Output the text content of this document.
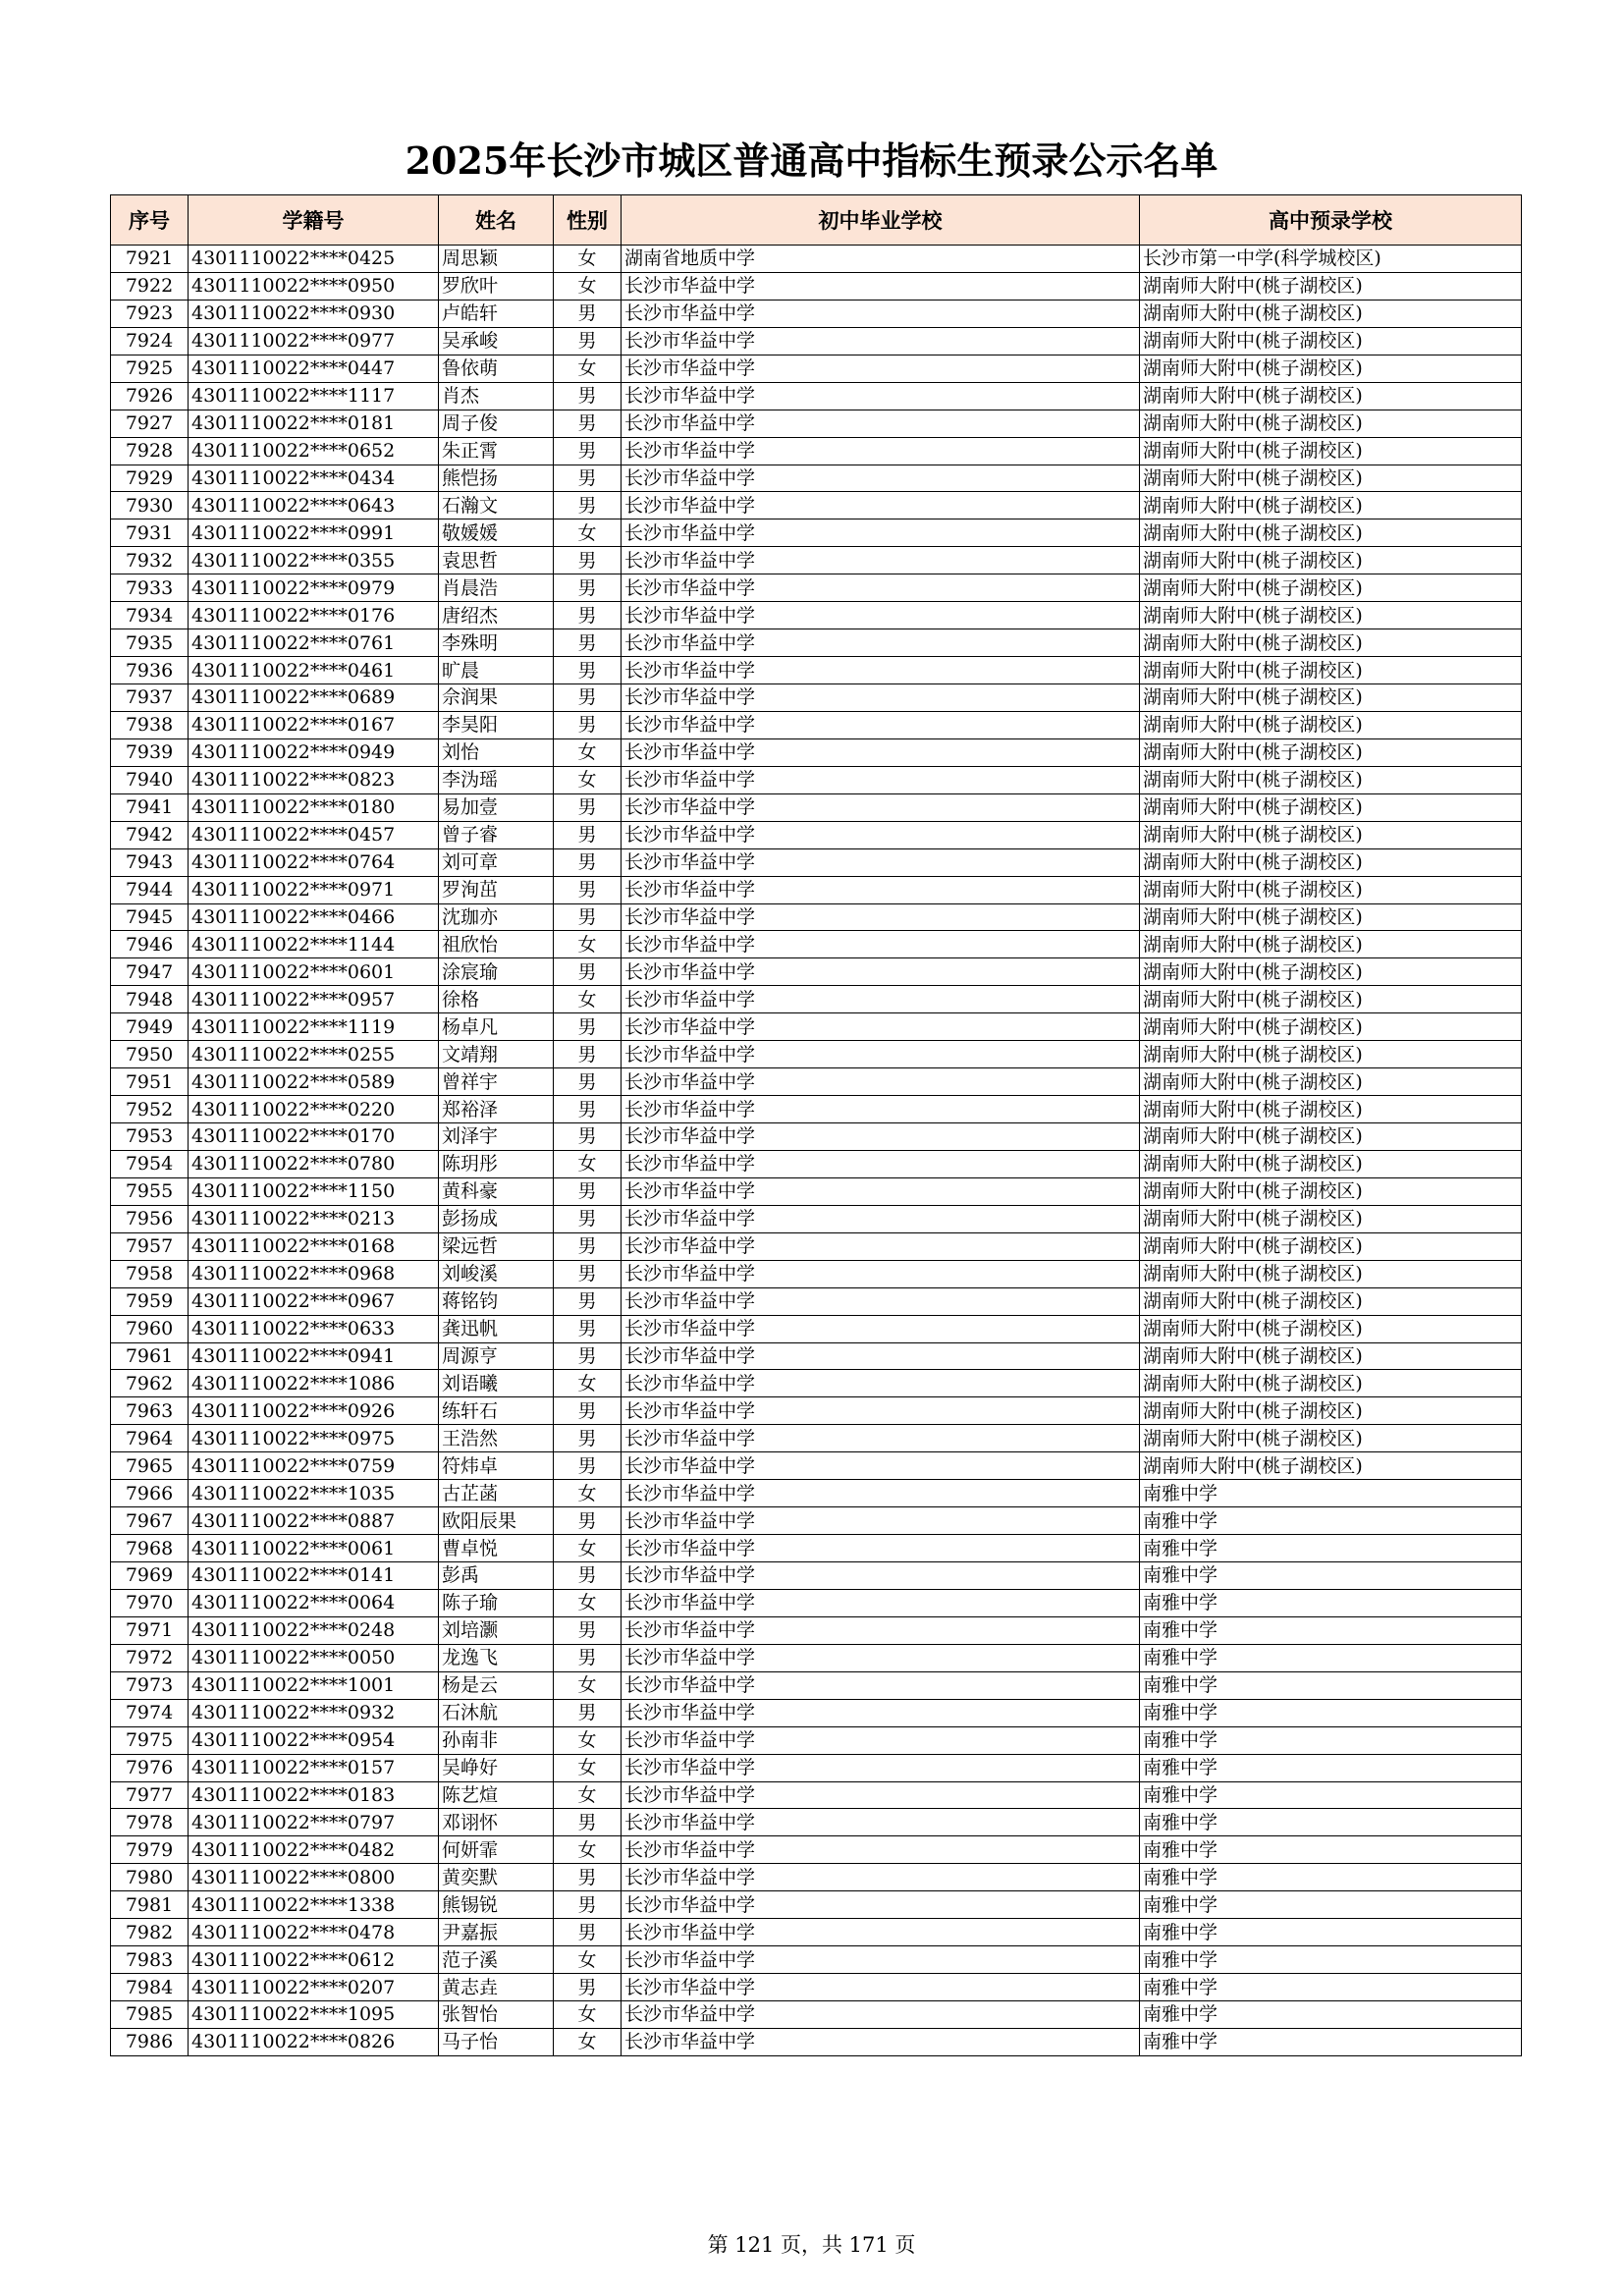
2025年长沙市城区普通高中指标生预录公示名单
序号	学籍号	姓名	性别	初中毕业学校	高中预录学校
7921	4301110022****0425	周思颖	女	湖南省地质中学	长沙市第一中学(科学城校区)
7922	4301110022****0950	罗欣叶	女	长沙市华益中学	湖南师大附中(桃子湖校区)
7923	4301110022****0930	卢皓轩	男	长沙市华益中学	湖南师大附中(桃子湖校区)
7924	4301110022****0977	吴承峻	男	长沙市华益中学	湖南师大附中(桃子湖校区)
7925	4301110022****0447	鲁依萌	女	长沙市华益中学	湖南师大附中(桃子湖校区)
7926	4301110022****1117	肖杰	男	长沙市华益中学	湖南师大附中(桃子湖校区)
7927	4301110022****0181	周子俊	男	长沙市华益中学	湖南师大附中(桃子湖校区)
7928	4301110022****0652	朱正霄	男	长沙市华益中学	湖南师大附中(桃子湖校区)
7929	4301110022****0434	熊恺扬	男	长沙市华益中学	湖南师大附中(桃子湖校区)
7930	4301110022****0643	石瀚文	男	长沙市华益中学	湖南师大附中(桃子湖校区)
7931	4301110022****0991	敬媛媛	女	长沙市华益中学	湖南师大附中(桃子湖校区)
7932	4301110022****0355	袁思哲	男	长沙市华益中学	湖南师大附中(桃子湖校区)
7933	4301110022****0979	肖晨浩	男	长沙市华益中学	湖南师大附中(桃子湖校区)
7934	4301110022****0176	唐绍杰	男	长沙市华益中学	湖南师大附中(桃子湖校区)
7935	4301110022****0761	李殊明	男	长沙市华益中学	湖南师大附中(桃子湖校区)
7936	4301110022****0461	旷晨	男	长沙市华益中学	湖南师大附中(桃子湖校区)
7937	4301110022****0689	佘润果	男	长沙市华益中学	湖南师大附中(桃子湖校区)
7938	4301110022****0167	李昊阳	男	长沙市华益中学	湖南师大附中(桃子湖校区)
7939	4301110022****0949	刘怡	女	长沙市华益中学	湖南师大附中(桃子湖校区)
7940	4301110022****0823	李沩瑶	女	长沙市华益中学	湖南师大附中(桃子湖校区)
7941	4301110022****0180	易加壹	男	长沙市华益中学	湖南师大附中(桃子湖校区)
7942	4301110022****0457	曾子睿	男	长沙市华益中学	湖南师大附中(桃子湖校区)
7943	4301110022****0764	刘可章	男	长沙市华益中学	湖南师大附中(桃子湖校区)
7944	4301110022****0971	罗洵茁	男	长沙市华益中学	湖南师大附中(桃子湖校区)
7945	4301110022****0466	沈珈亦	男	长沙市华益中学	湖南师大附中(桃子湖校区)
7946	4301110022****1144	祖欣怡	女	长沙市华益中学	湖南师大附中(桃子湖校区)
7947	4301110022****0601	涂宸瑜	男	长沙市华益中学	湖南师大附中(桃子湖校区)
7948	4301110022****0957	徐格	女	长沙市华益中学	湖南师大附中(桃子湖校区)
7949	4301110022****1119	杨卓凡	男	长沙市华益中学	湖南师大附中(桃子湖校区)
7950	4301110022****0255	文靖翔	男	长沙市华益中学	湖南师大附中(桃子湖校区)
7951	4301110022****0589	曾祥宇	男	长沙市华益中学	湖南师大附中(桃子湖校区)
7952	4301110022****0220	郑裕泽	男	长沙市华益中学	湖南师大附中(桃子湖校区)
7953	4301110022****0170	刘泽宇	男	长沙市华益中学	湖南师大附中(桃子湖校区)
7954	4301110022****0780	陈玥彤	女	长沙市华益中学	湖南师大附中(桃子湖校区)
7955	4301110022****1150	黄科豪	男	长沙市华益中学	湖南师大附中(桃子湖校区)
7956	4301110022****0213	彭扬成	男	长沙市华益中学	湖南师大附中(桃子湖校区)
7957	4301110022****0168	梁远哲	男	长沙市华益中学	湖南师大附中(桃子湖校区)
7958	4301110022****0968	刘峻溪	男	长沙市华益中学	湖南师大附中(桃子湖校区)
7959	4301110022****0967	蒋铭钧	男	长沙市华益中学	湖南师大附中(桃子湖校区)
7960	4301110022****0633	龚迅帆	男	长沙市华益中学	湖南师大附中(桃子湖校区)
7961	4301110022****0941	周源亨	男	长沙市华益中学	湖南师大附中(桃子湖校区)
7962	4301110022****1086	刘语曦	女	长沙市华益中学	湖南师大附中(桃子湖校区)
7963	4301110022****0926	练轩石	男	长沙市华益中学	湖南师大附中(桃子湖校区)
7964	4301110022****0975	王浩然	男	长沙市华益中学	湖南师大附中(桃子湖校区)
7965	4301110022****0759	符炜卓	男	长沙市华益中学	湖南师大附中(桃子湖校区)
7966	4301110022****1035	古芷菡	女	长沙市华益中学	南雅中学
7967	4301110022****0887	欧阳辰果	男	长沙市华益中学	南雅中学
7968	4301110022****0061	曹卓悦	女	长沙市华益中学	南雅中学
7969	4301110022****0141	彭禹	男	长沙市华益中学	南雅中学
7970	4301110022****0064	陈子瑜	女	长沙市华益中学	南雅中学
7971	4301110022****0248	刘培灏	男	长沙市华益中学	南雅中学
7972	4301110022****0050	龙逸飞	男	长沙市华益中学	南雅中学
7973	4301110022****1001	杨是云	女	长沙市华益中学	南雅中学
7974	4301110022****0932	石沐航	男	长沙市华益中学	南雅中学
7975	4301110022****0954	孙南非	女	长沙市华益中学	南雅中学
7976	4301110022****0157	吴峥好	女	长沙市华益中学	南雅中学
7977	4301110022****0183	陈艺煊	女	长沙市华益中学	南雅中学
7978	4301110022****0797	邓诩怀	男	长沙市华益中学	南雅中学
7979	4301110022****0482	何妍霏	女	长沙市华益中学	南雅中学
7980	4301110022****0800	黄奕默	男	长沙市华益中学	南雅中学
7981	4301110022****1338	熊锡锐	男	长沙市华益中学	南雅中学
7982	4301110022****0478	尹嘉振	男	长沙市华益中学	南雅中学
7983	4301110022****0612	范子溪	女	长沙市华益中学	南雅中学
7984	4301110022****0207	黄志垚	男	长沙市华益中学	南雅中学
7985	4301110022****1095	张智怡	女	长沙市华益中学	南雅中学
7986	4301110022****0826	马子怡	女	长沙市华益中学	南雅中学
第 121 页，共 171 页
